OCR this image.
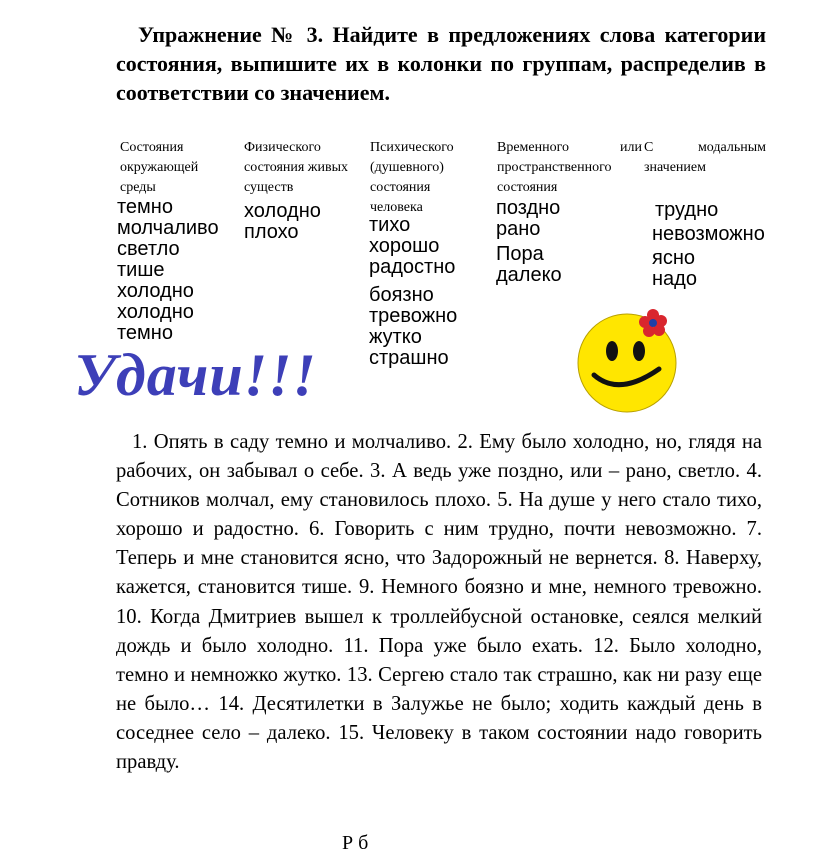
Упражнение № 3. Найдите в предложениях слова категории состояния, выпишите их в колонки по группам, распределив в соответствии со значением.

Состояния окружающей среды
Физического состояния живых существ
Психического (душевного) состояния человека
Временного или пространственного состояния
С модальным значением
темно
молчаливо
светло
тише
холодно
холодно
темно
холодно
плохо	тихо
хорошо
радостно
боязно
тревожно
жутко
страшно
поздно
рано
Пора
далеко
трудно
невозможно
ясно
надо
Удачи!!!

1. Опять в саду темно и молчаливо. 2. Ему было холодно, но, глядя на рабочих, он забывал о себе. 3. А ведь уже поздно, или – рано, светло. 4. Сотников молчал, ему становилось плохо. 5. На душе у него стало тихо, хорошо и радостно. 6. Говорить с ним трудно, почти невозможно. 7. Теперь и мне становится ясно, что Задорожный не вернется. 8. Наверху, кажется, становится тише. 9. Немного боязно и мне, немного тревожно. 10. Когда Дмитриев вышел к троллейбусной остановке, сеялся мелкий дождь и было холодно. 11. Пора уже было ехать. 12. Было холодно, темно и немножко жутко. 13. Сергею стало так страшно, как ни разу еще не было… 14. Десятилетки в Залужье не было; ходить каждый день в соседнее село – далеко. 15. Человеку в таком состоянии надо говорить правду.

Р б
